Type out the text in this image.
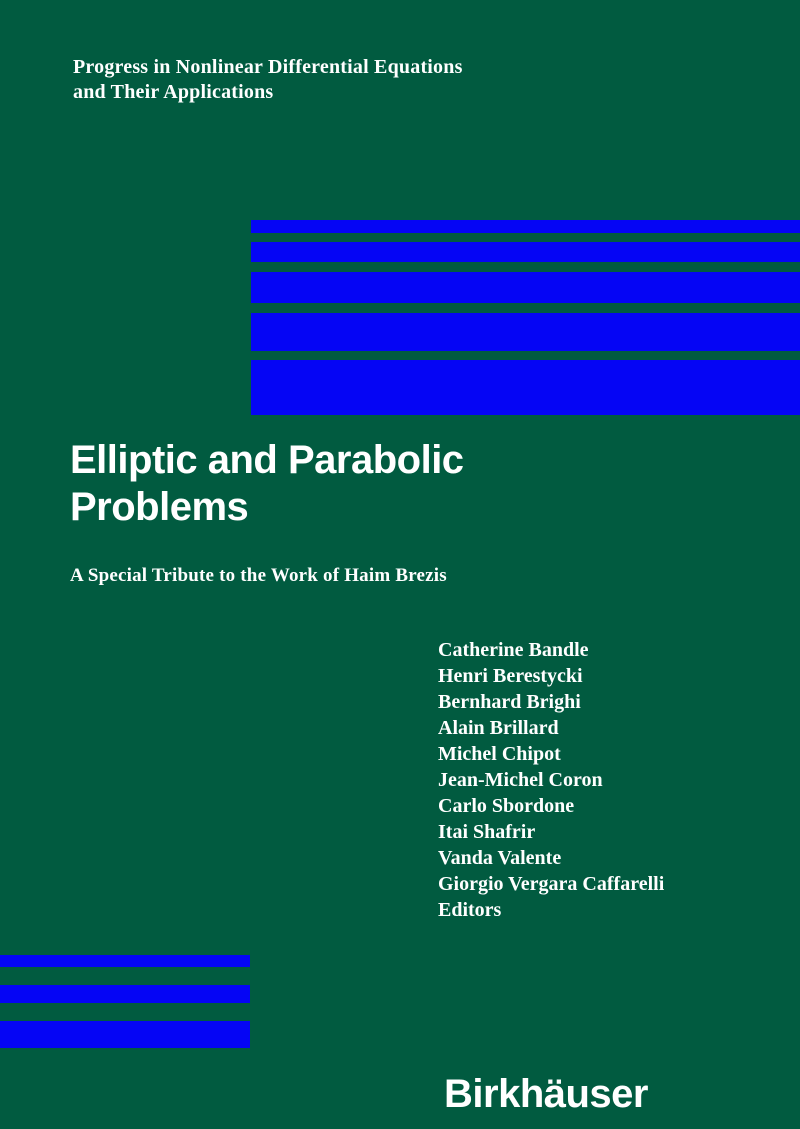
Progress in Nonlinear Differential Equations
and Their Applications
Elliptic and Parabolic
Problems
A Special Tribute to the Work of Haim Brezis
Catherine Bandle
Henri Berestycki
Bernhard Brighi
Alain Brillard
Michel Chipot
Jean-Michel Coron
Carlo Sbordone
Itai Shafrir
Vanda Valente
Giorgio Vergara Caffarelli
Editors
Birkhäuser
